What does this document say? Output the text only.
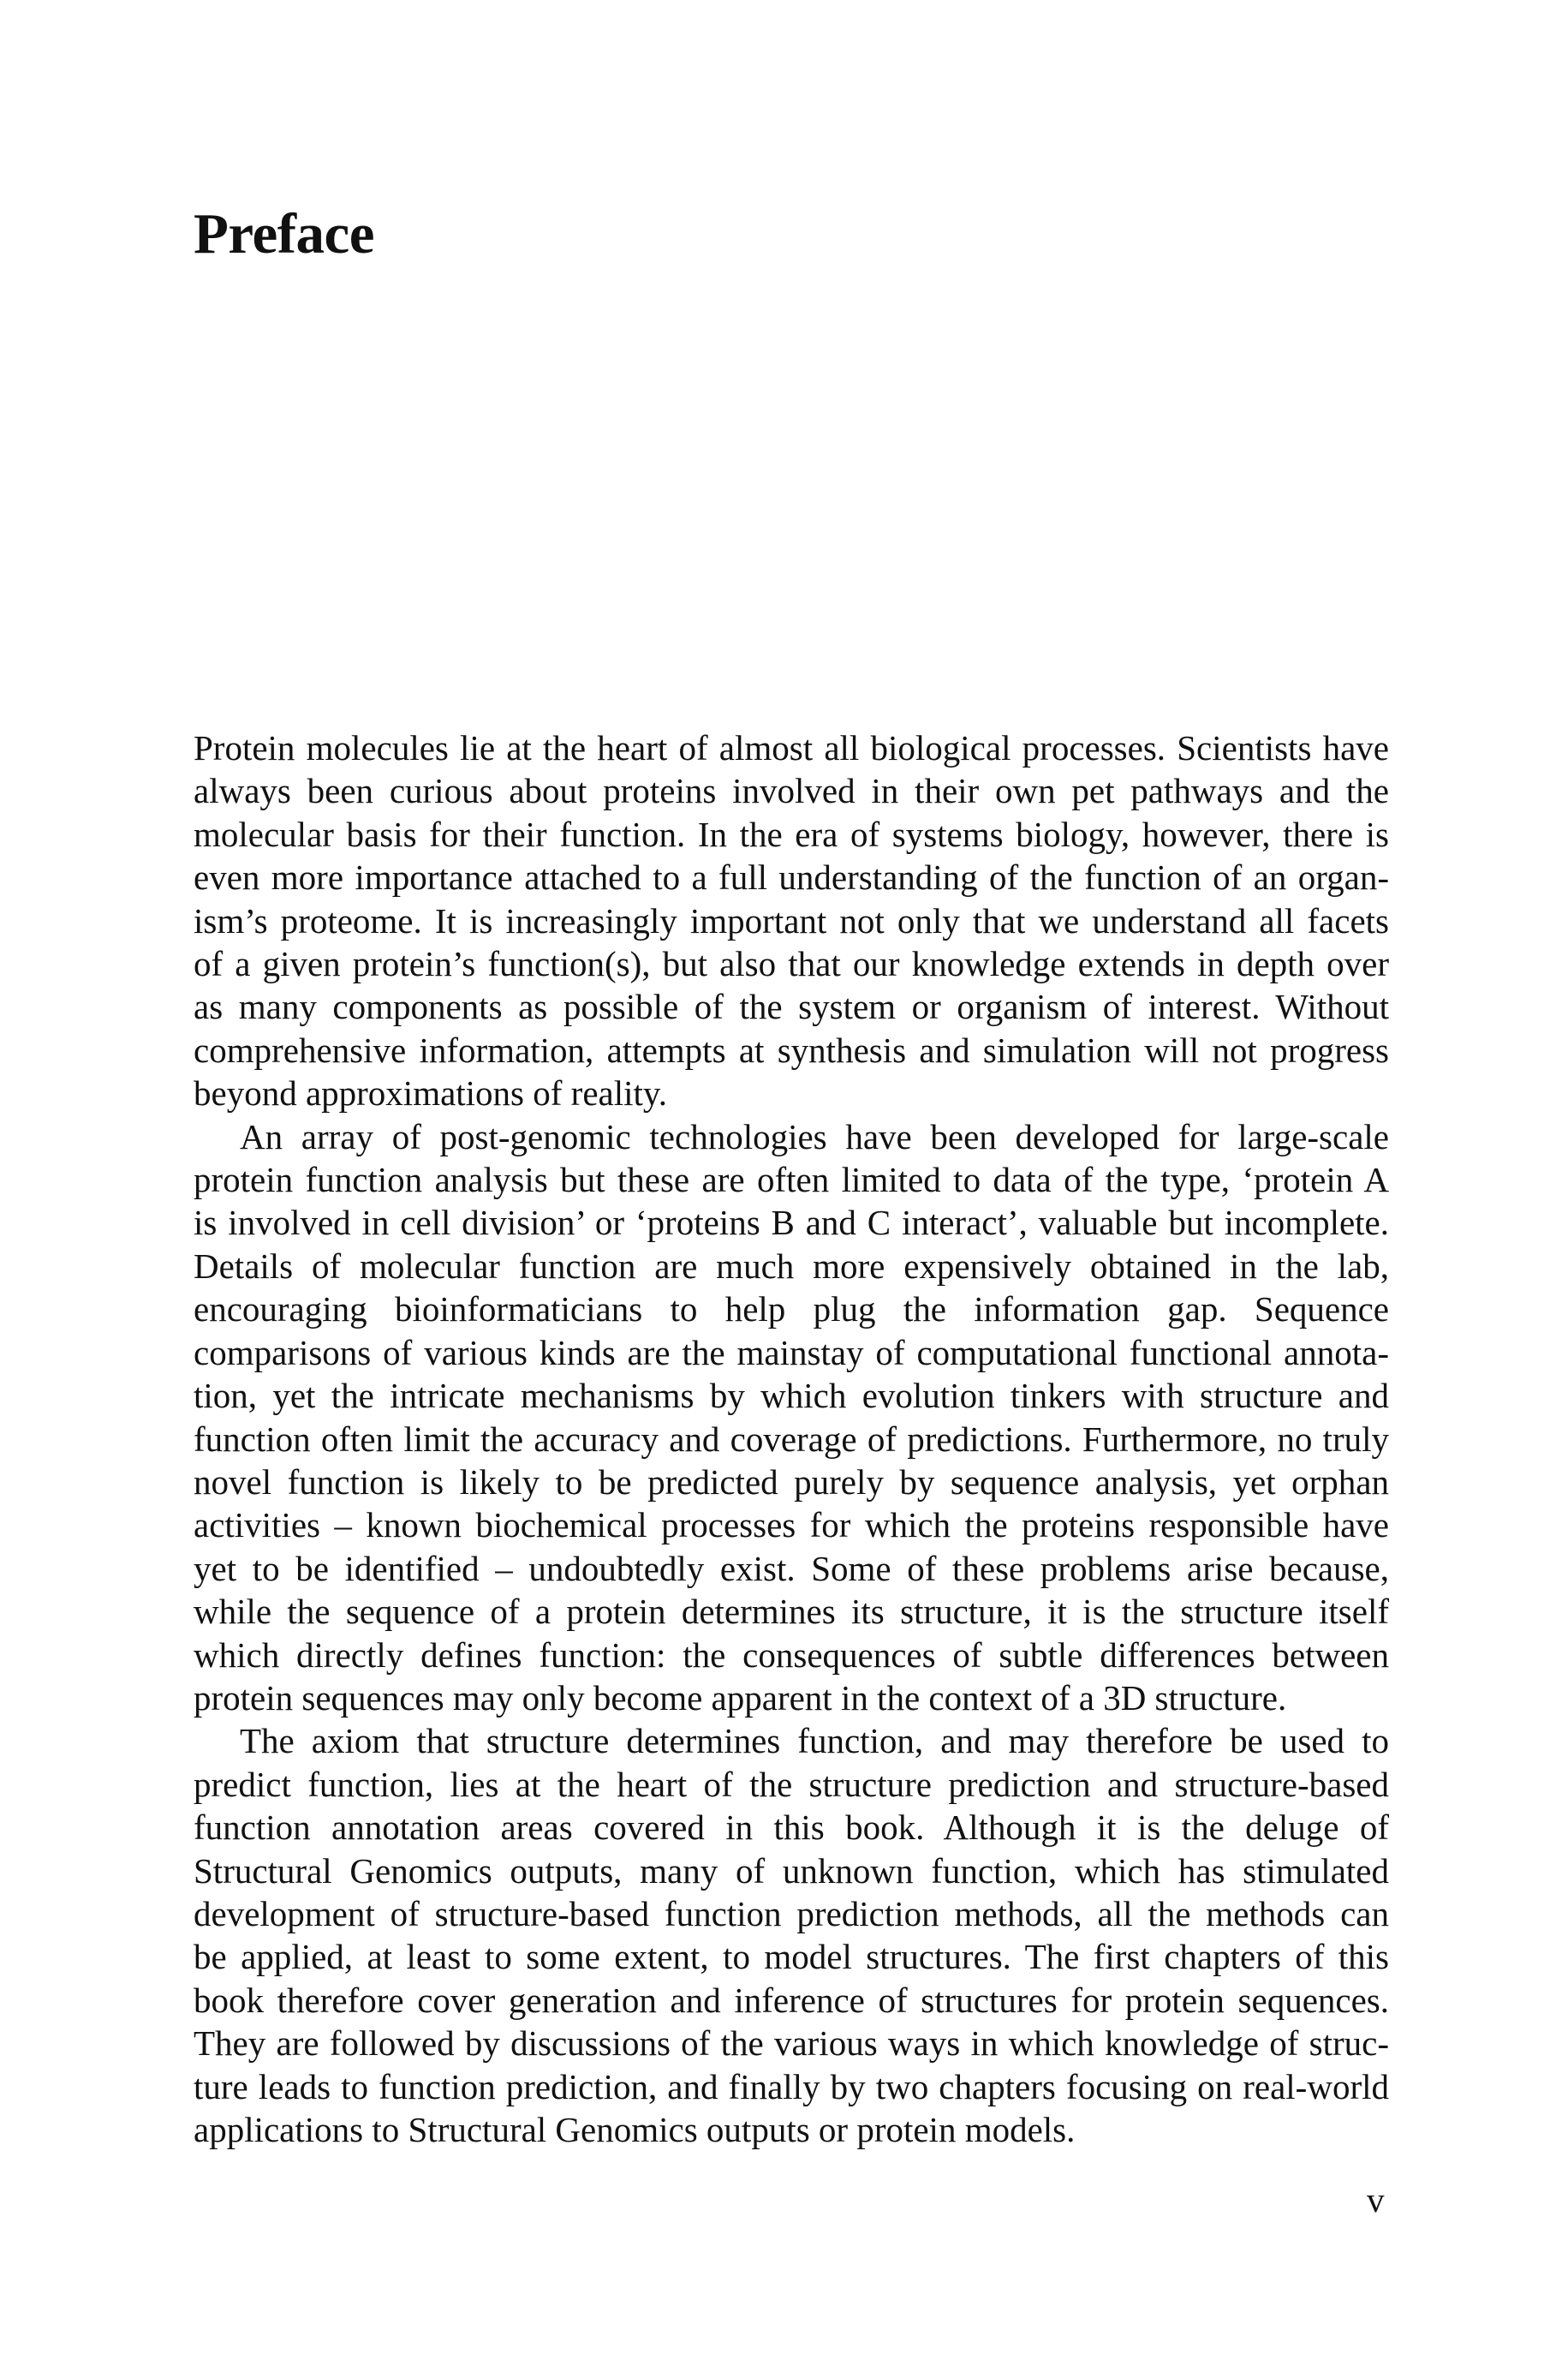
Preface

Protein molecules lie at the heart of almost all biological processes. Scientists have
always been curious about proteins involved in their own pet pathways and the
molecular basis for their function. In the era of systems biology, however, there is
even more importance attached to a full understanding of the function of an organ-
ism’s proteome. It is increasingly important not only that we understand all facets
of a given protein’s function(s), but also that our knowledge extends in depth over
as many components as possible of the system or organism of interest. Without
comprehensive information, attempts at synthesis and simulation will not progress
beyond approximations of reality.

An array of post-genomic technologies have been developed for large-scale
protein function analysis but these are often limited to data of the type, ‘protein A
is involved in cell division’ or ‘proteins B and C interact’, valuable but incomplete.
Details of molecular function are much more expensively obtained in the lab,
encouraging bioinformaticians to help plug the information gap. Sequence
comparisons of various kinds are the mainstay of computational functional annota-
tion, yet the intricate mechanisms by which evolution tinkers with structure and
function often limit the accuracy and coverage of predictions. Furthermore, no truly
novel function is likely to be predicted purely by sequence analysis, yet orphan
activities – known biochemical processes for which the proteins responsible have
yet to be identified – undoubtedly exist. Some of these problems arise because,
while the sequence of a protein determines its structure, it is the structure itself
which directly defines function: the consequences of subtle differences between
protein sequences may only become apparent in the context of a 3D structure.

The axiom that structure determines function, and may therefore be used to
predict function, lies at the heart of the structure prediction and structure-based
function annotation areas covered in this book. Although it is the deluge of
Structural Genomics outputs, many of unknown function, which has stimulated
development of structure-based function prediction methods, all the methods can
be applied, at least to some extent, to model structures. The first chapters of this
book therefore cover generation and inference of structures for protein sequences.
They are followed by discussions of the various ways in which knowledge of struc-
ture leads to function prediction, and finally by two chapters focusing on real-world
applications to Structural Genomics outputs or protein models.

v
